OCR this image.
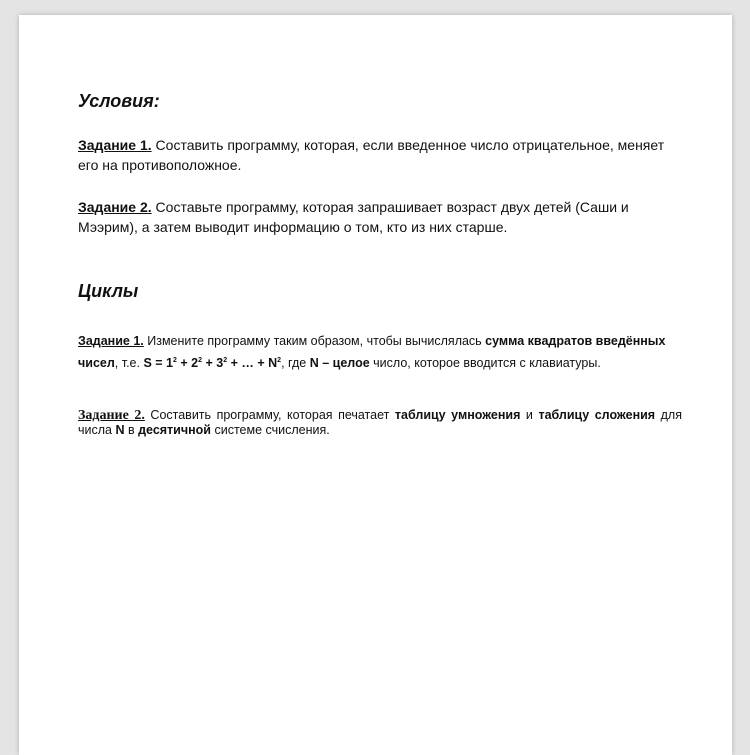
Условия:

Задание 1. Составить программу, которая, если введенное число отрицательное, меняет его на противоположное.

Задание 2. Составьте программу, которая запрашивает возраст двух детей (Саши и Мээрим), а затем выводит информацию о том, кто из них старше.

Циклы

Задание 1. Измените программу таким образом, чтобы вычислялась сумма квадратов введённых чисел, т.е. $S = 1^2 + 2^2 + 3^2$ + … + $N^2$, где N – целое число, которое вводится с клавиатуры.

Задание 2. Составить программу, которая печатает таблицу умножения и таблицу сложения для числа N в десятичной системе счисления.
